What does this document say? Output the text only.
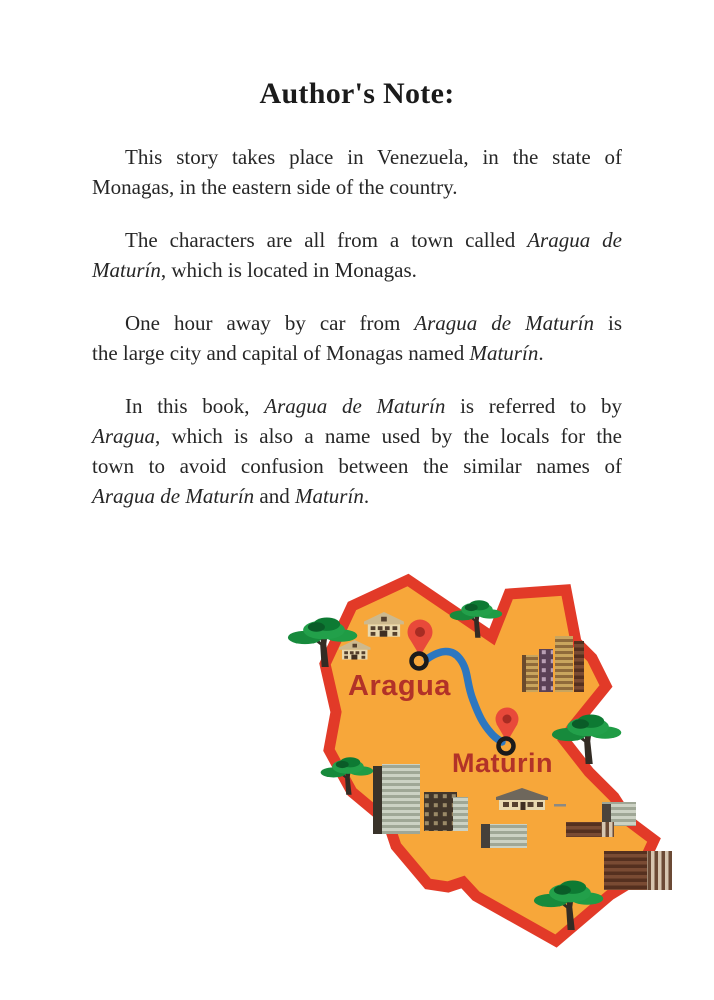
Author's Note:
This story takes place in Venezuela, in the state of
Monagas, in the eastern side of the country.
The characters are all from a town called Aragua de
Maturín, which is located in Monagas.
One hour away by car from Aragua de Maturín is
the large city and capital of Monagas named Maturín.
In this book, Aragua de Maturín is referred to by
Aragua, which is also a name used by the locals for the
town to avoid confusion between the similar names of
Aragua de Maturín and Maturín.
Aragua
Maturin
